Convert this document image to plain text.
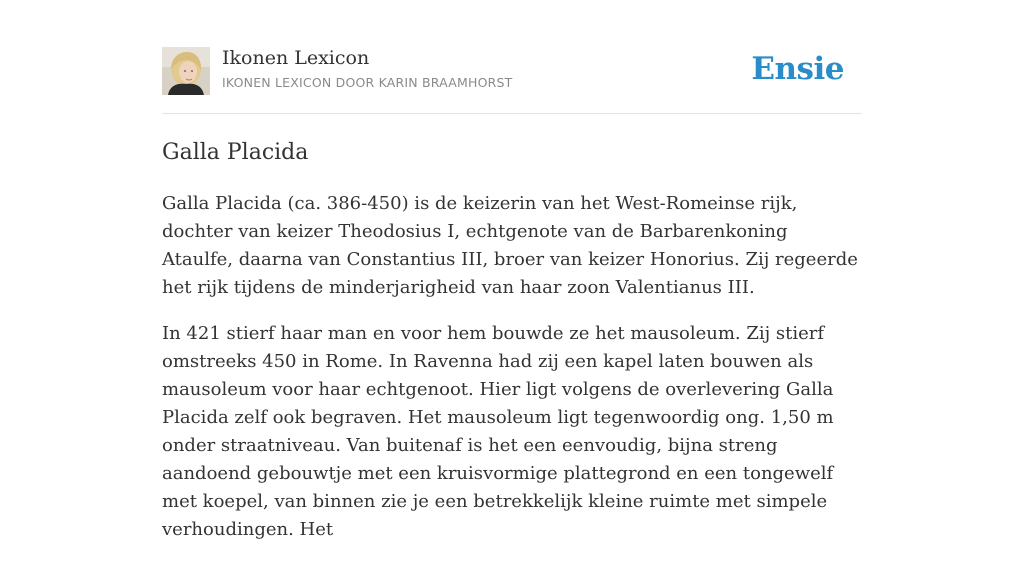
Ikonen Lexicon
IKONEN LEXICON DOOR KARIN BRAAMHORST	Ensie
Galla Placida

Galla Placida (ca. 386-450) is de keizerin van het West-Romeinse rijk, dochter van keizer Theodosius I, echtgenote van de Barbarenkoning Ataulfe, daarna van Constantius III, broer van keizer Honorius. Zij regeerde het rijk tijdens de minderjarigheid van haar zoon Valentianus III.

In 421 stierf haar man en voor hem bouwde ze het mausoleum. Zij stierf omstreeks 450 in Rome. In Ravenna had zij een kapel laten bouwen als mausoleum voor haar echtgenoot. Hier ligt volgens de overlevering Galla Placida zelf ook begraven. Het mausoleum ligt tegenwoordig ong. 1,50 m onder straatniveau. Van buitenaf is het een eenvoudig, bijna streng aandoend gebouwtje met een kruisvormige plattegrond en een tongewelf met koepel, van binnen zie je een betrekkelijk kleine ruimte met simpele verhoudingen. Het
